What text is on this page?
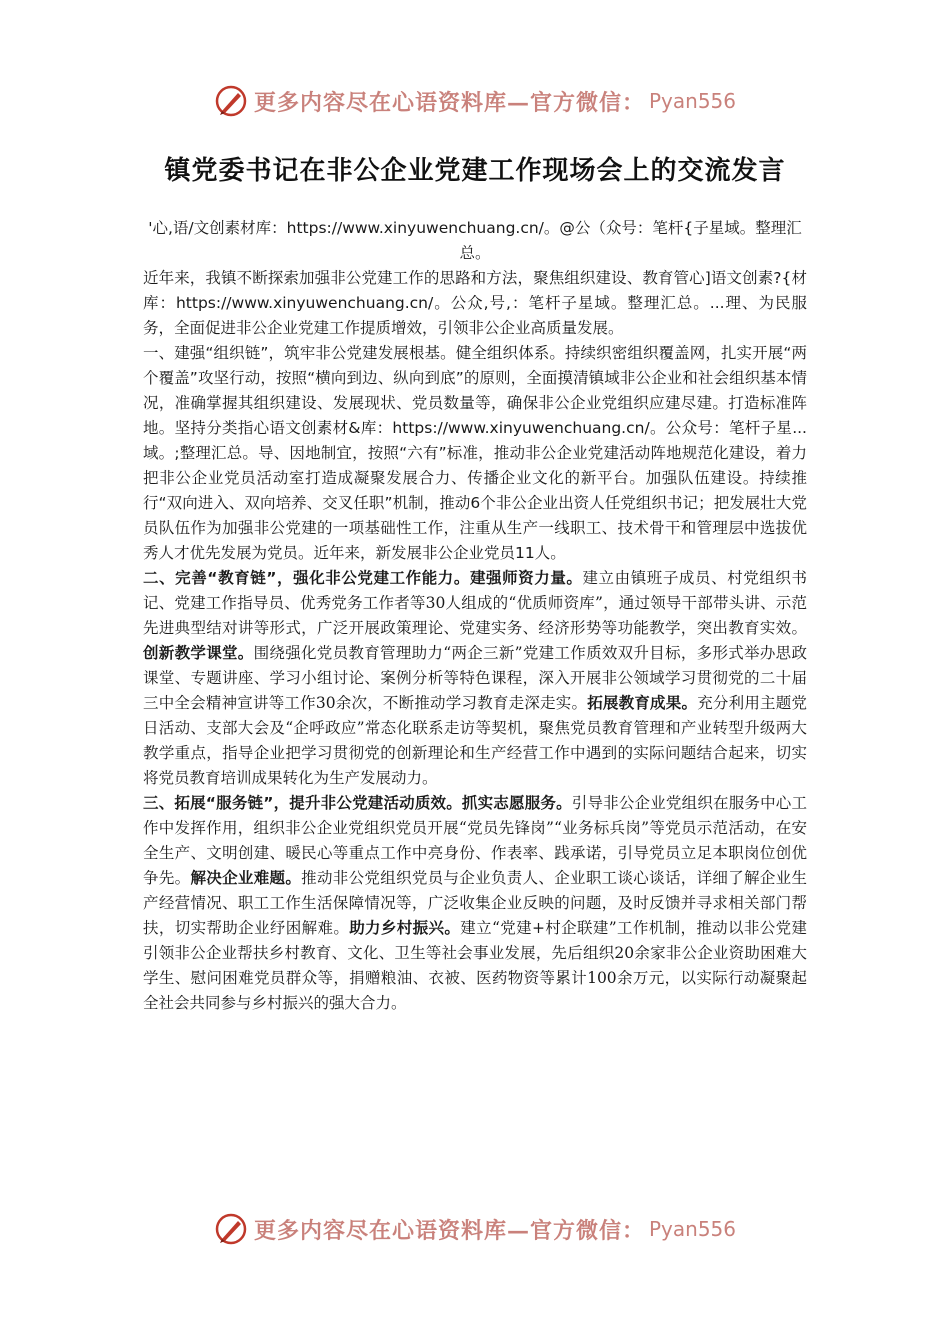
更多内容尽在心语资料库—官方微信： Pyan556
镇党委书记在非公企业党建工作现场会上的交流发言

'心,语/文创素材库：https://www.xinyuwenchuang.cn/。@公（众号：笔杆{子星域。整理汇总。

近年来，我镇不断探索加强非公党建工作的思路和方法，聚焦组织建设、教育管心]语文创素?{材库：https://www.xinyuwenchuang.cn/。公众,号,：笔杆子星域。整理汇总。...理、为民服务，全面促进非公企业党建工作提质增效，引领非公企业高质量发展。

一、建强“组织链”，筑牢非公党建发展根基。健全组织体系。持续织密组织覆盖网，扎实开展“两个覆盖”攻坚行动，按照“横向到边、纵向到底”的原则，全面摸清镇域非公企业和社会组织基本情况，准确掌握其组织建设、发展现状、党员数量等，确保非公企业党组织应建尽建。打造标准阵地。坚持分类指心语文创素材&库：https://www.xinyuwenchuang.cn/。公众号：笔杆子星...域。;整理汇总。导、因地制宜，按照“六有”标准，推动非公企业党建活动阵地规范化建设，着力把非公企业党员活动室打造成凝聚发展合力、传播企业文化的新平台。加强队伍建设。持续推行“双向进入、双向培养、交叉任职”机制，推动6个非公企业出资人任党组织书记；把发展壮大党员队伍作为加强非公党建的一项基础性工作，注重从生产一线职工、技术骨干和管理层中选拔优秀人才优先发展为党员。近年来，新发展非公企业党员11人。

二、完善“教育链”，强化非公党建工作能力。建强师资力量。建立由镇班子成员、村党组织书记、党建工作指导员、优秀党务工作者等30人组成的“优质师资库”，通过领导干部带头讲、示范先进典型结对讲等形式，广泛开展政策理论、党建实务、经济形势等功能教学，突出教育实效。创新教学课堂。围绕强化党员教育管理助力“两企三新”党建工作质效双升目标，多形式举办思政课堂、专题讲座、学习小组讨论、案例分析等特色课程，深入开展非公领域学习贯彻党的二十届三中全会精神宣讲等工作30余次，不断推动学习教育走深走实。拓展教育成果。充分利用主题党日活动、支部大会及“企呼政应”常态化联系走访等契机，聚焦党员教育管理和产业转型升级两大教学重点，指导企业把学习贯彻党的创新理论和生产经营工作中遇到的实际问题结合起来，切实将党员教育培训成果转化为生产发展动力。

三、拓展“服务链”，提升非公党建活动质效。抓实志愿服务。引导非公企业党组织在服务中心工作中发挥作用，组织非公企业党组织党员开展“党员先锋岗”“业务标兵岗”等党员示范活动，在安全生产、文明创建、暖民心等重点工作中亮身份、作表率、践承诺，引导党员立足本职岗位创优争先。解决企业难题。推动非公党组织党员与企业负责人、企业职工谈心谈话，详细了解企业生产经营情况、职工工作生活保障情况等，广泛收集企业反映的问题，及时反馈并寻求相关部门帮扶，切实帮助企业纾困解难。助力乡村振兴。建立“党建+村企联建”工作机制，推动以非公党建引领非公企业帮扶乡村教育、文化、卫生等社会事业发展，先后组织20余家非公企业资助困难大学生、慰问困难党员群众等，捐赠粮油、衣被、医药物资等累计100余万元，以实际行动凝聚起全社会共同参与乡村振兴的强大合力。

更多内容尽在心语资料库—官方微信： Pyan556
